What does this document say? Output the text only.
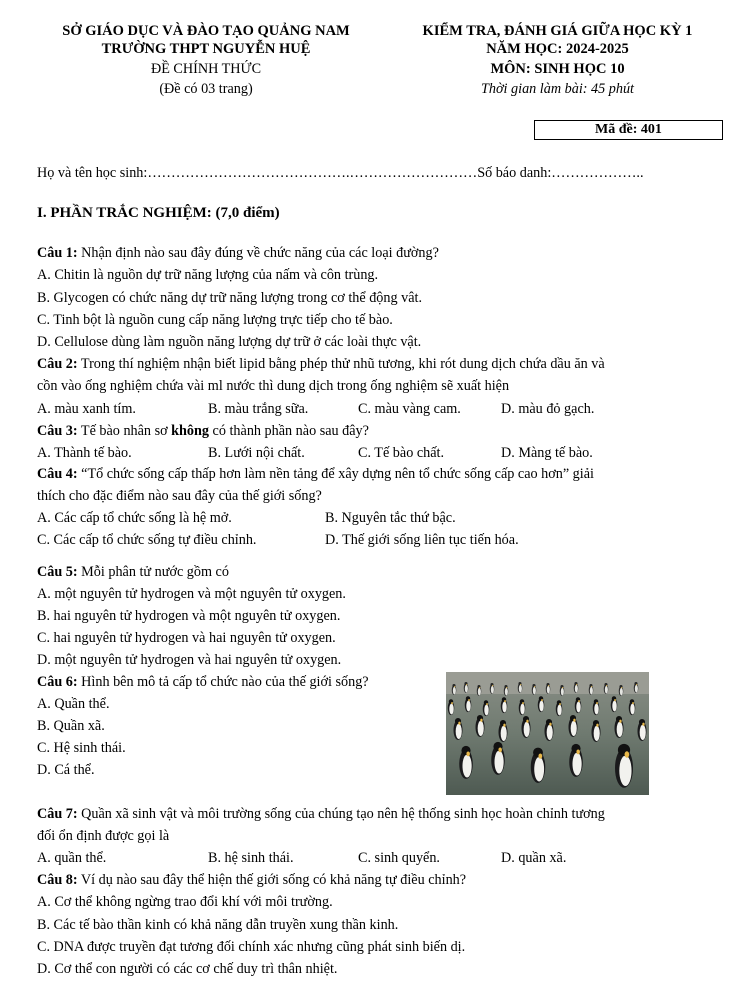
SỞ GIÁO DỤC VÀ ĐÀO TẠO QUẢNG NAM
TRƯỜNG THPT NGUYỄN HUỆ
ĐỀ CHÍNH THỨC
(Đề có 03 trang)
KIỂM TRA, ĐÁNH GIÁ GIỮA HỌC KỲ 1
NĂM HỌC: 2024-2025
MÔN: SINH HỌC 10
Thời gian làm bài: 45 phút
Mã đề: 401
Họ và tên học sinh:…………………………………….………………………Số báo danh:………………..
I. PHẦN TRẮC NGHIỆM: (7,0 điểm)
Câu 1: Nhận định nào sau đây đúng về chức năng của các loại đường?
A. Chitin là nguồn dự trữ năng lượng của nấm và côn trùng.
B. Glycogen có chức năng dự trữ năng lượng trong cơ thể động vât.
C. Tinh bột là nguồn cung cấp năng lượng trực tiếp cho tế bào.
D. Cellulose dùng làm nguồn năng lượng dự trữ ở các loài thực vật.
Câu 2: Trong thí nghiệm nhận biết lipid bằng phép thử nhũ tương, khi rót dung dịch chứa dầu ăn và
cồn vào ống nghiệm chứa vài ml nước thì dung dịch trong ống nghiệm sẽ xuất hiện
A. màu xanh tím.	B. màu trắng sữa.	C. màu vàng cam.	D. màu đỏ gạch.
Câu 3: Tế bào nhân sơ không có thành phần nào sau đây?
A. Thành tế bào.	B. Lưới nội chất.	C. Tế bào chất.	D. Màng tế bào.
Câu 4: “Tổ chức sống cấp thấp hơn làm nền tảng để xây dựng nên tổ chức sống cấp cao hơn” giải
thích cho đặc điểm nào sau đây của thế giới sống?
A. Các cấp tổ chức sống là hệ mở.	B. Nguyên tắc thứ bậc.
C. Các cấp tổ chức sống tự điều chỉnh.	D. Thế giới sống liên tục tiến hóa.
Câu 5: Mỗi phân tử nước gồm có
A. một nguyên tử hydrogen và một nguyên tử oxygen.
B. hai nguyên tử hydrogen và một nguyên tử oxygen.
C. hai nguyên tử hydrogen và hai nguyên tử oxygen.
D. một nguyên tử hydrogen và hai nguyên tử oxygen.
Câu 6: Hình bên mô tả cấp tổ chức nào của thế giới sống?
A. Quần thể.
B. Quần xã.
C. Hệ sinh thái.
D. Cá thể.
Câu 7: Quần xã sinh vật và môi trường sống của chúng tạo nên hệ thống sinh học hoàn chỉnh tương
đối ổn định được gọi là
A. quần thể.	B. hệ sinh thái.	C. sinh quyển.	D. quần xã.
Câu 8: Ví dụ nào sau đây thể hiện thế giới sống có khả năng tự điều chỉnh?
A. Cơ thể không ngừng trao đổi khí với môi trường.
B. Các tế bào thần kinh có khả năng dẫn truyền xung thần kinh.
C. DNA được truyền đạt tương đối chính xác nhưng cũng phát sinh biến dị.
D. Cơ thể con người có các cơ chế duy trì thân nhiệt.
